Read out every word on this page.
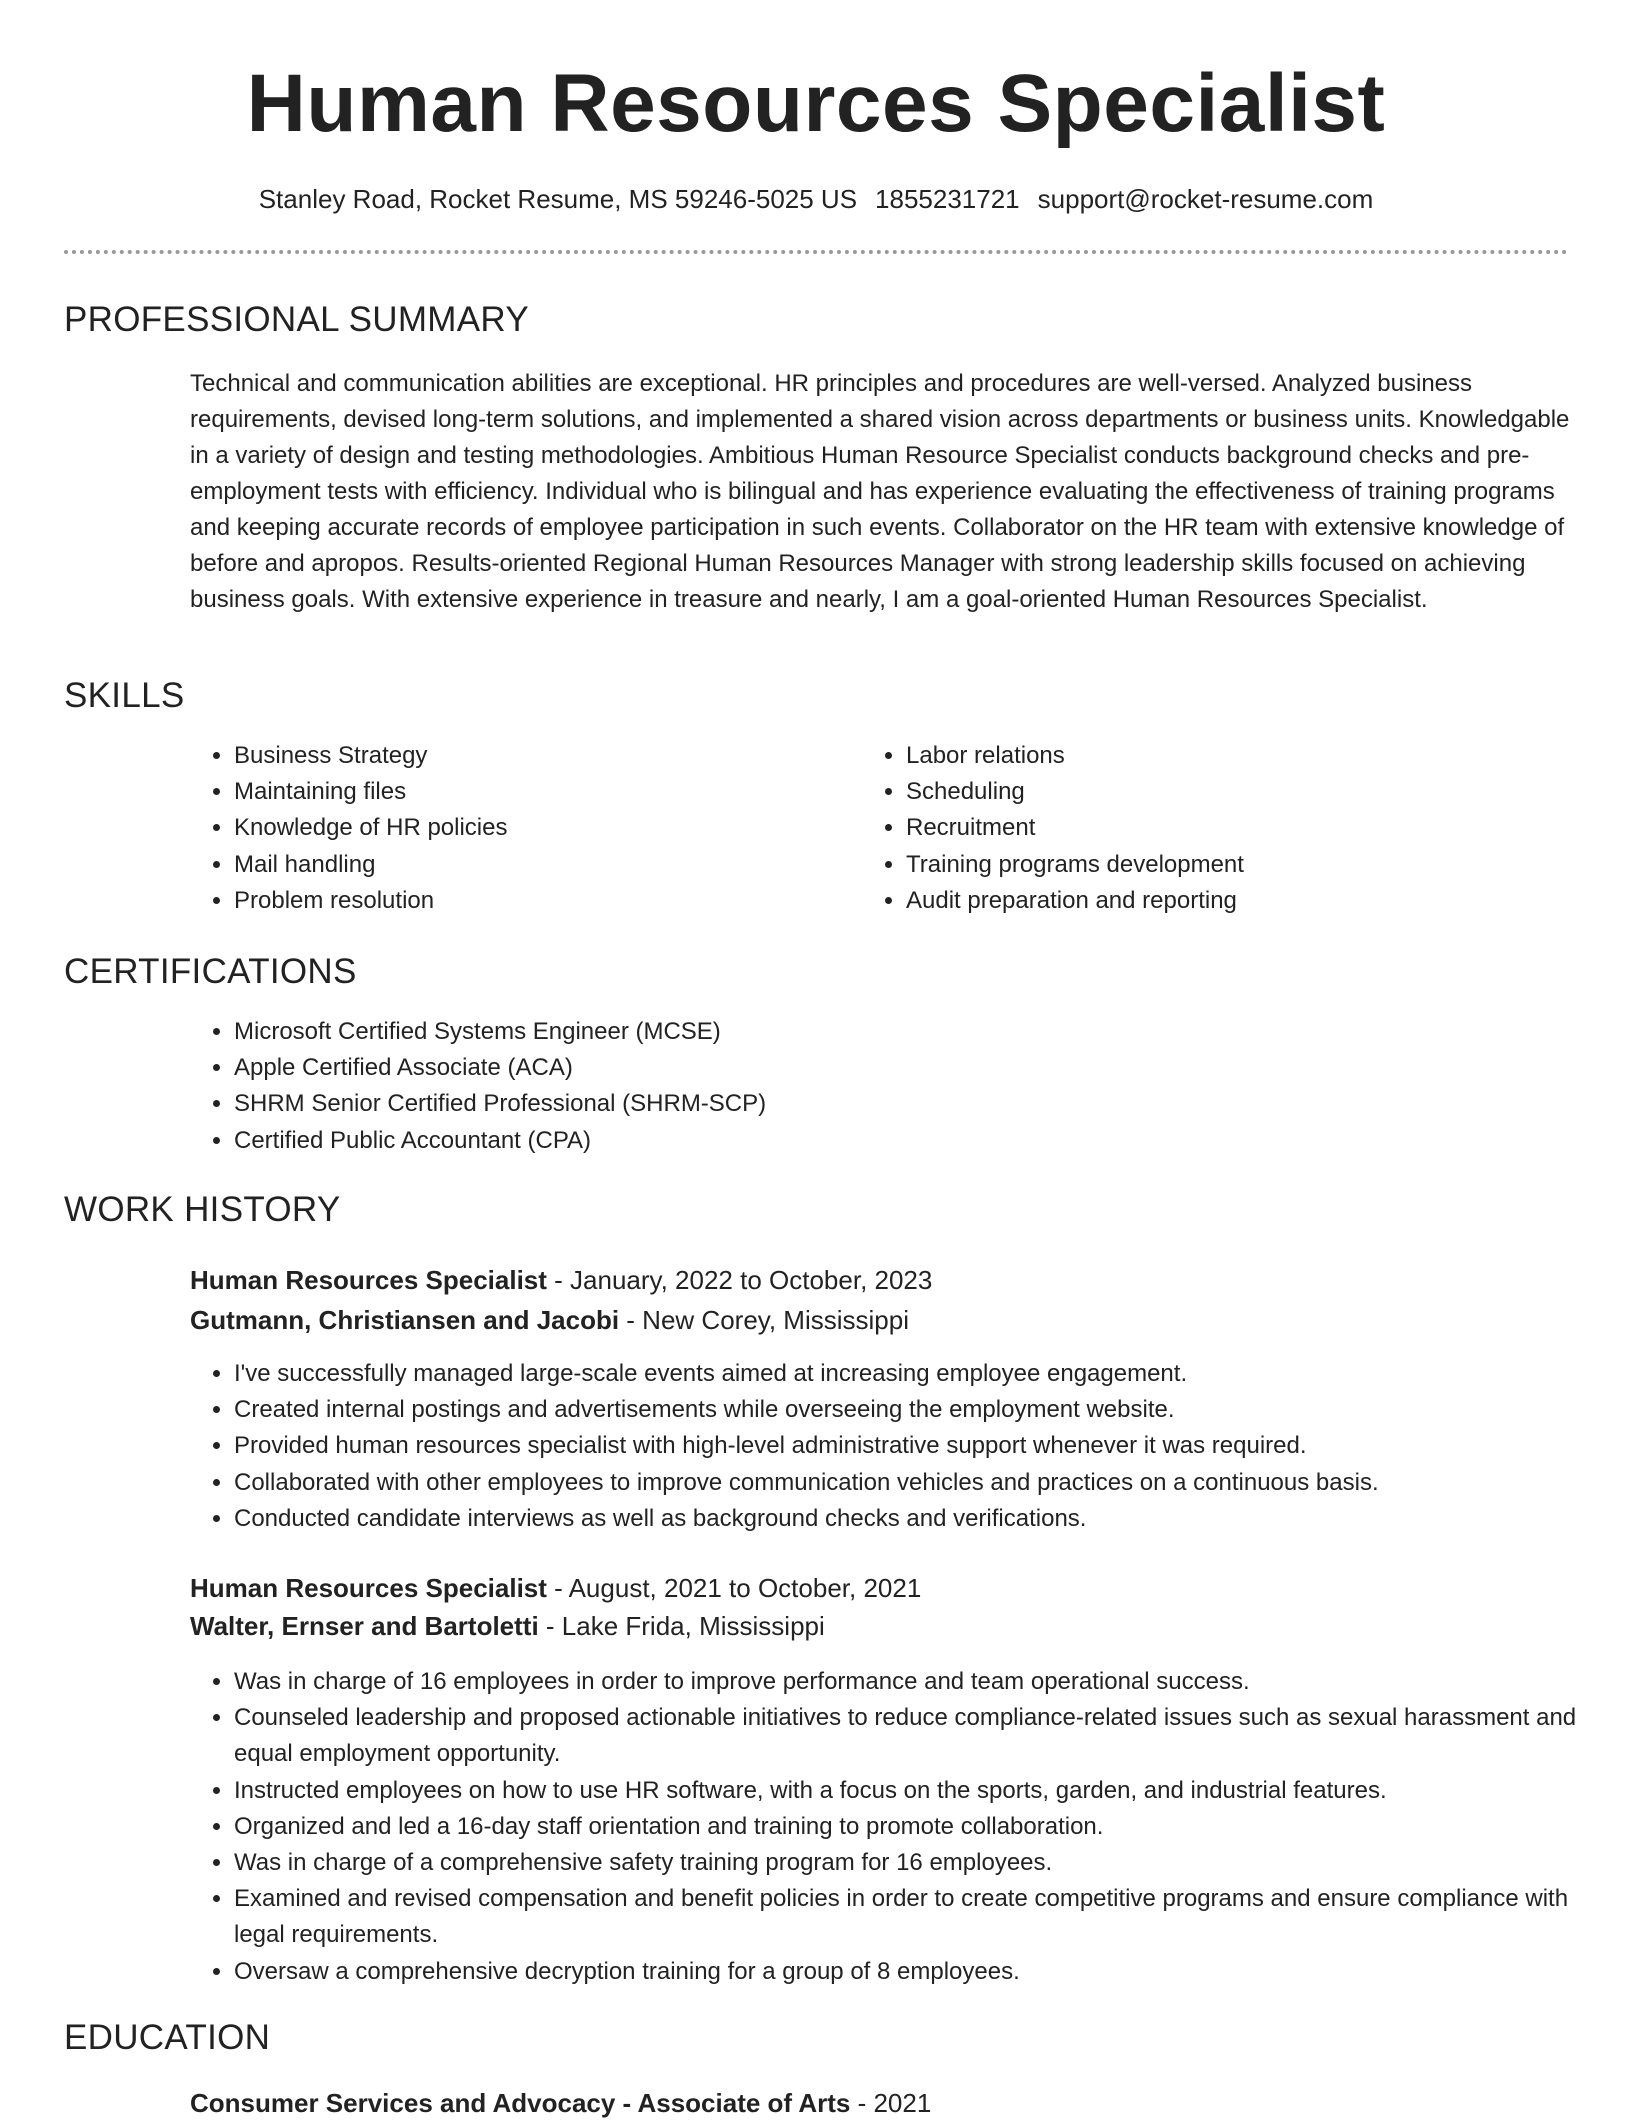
Human Resources Specialist
Stanley Road, Rocket Resume, MS 59246-5025 US 1855231721 support@rocket-resume.com
PROFESSIONAL SUMMARY

Technical and communication abilities are exceptional. HR principles and procedures are well-versed. Analyzed business requirements, devised long-term solutions, and implemented a shared vision across departments or business units. Knowledgable in a variety of design and testing methodologies. Ambitious Human Resource Specialist conducts background checks and pre-employment tests with efficiency. Individual who is bilingual and has experience evaluating the effectiveness of training programs and keeping accurate records of employee participation in such events. Collaborator on the HR team with extensive knowledge of before and apropos. Results-oriented Regional Human Resources Manager with strong leadership skills focused on achieving business goals. With extensive experience in treasure and nearly, I am a goal-oriented Human Resources Specialist.

SKILLS
• Business Strategy
• Maintaining files
• Knowledge of HR policies
• Mail handling
• Problem resolution
• Labor relations
• Scheduling
• Recruitment
• Training programs development
• Audit preparation and reporting
CERTIFICATIONS
• Microsoft Certified Systems Engineer (MCSE)
• Apple Certified Associate (ACA)
• SHRM Senior Certified Professional (SHRM-SCP)
• Certified Public Accountant (CPA)
WORK HISTORY
Human Resources Specialist - January, 2022 to October, 2023
Gutmann, Christiansen and Jacobi - New Corey, Mississippi
• I've successfully managed large-scale events aimed at increasing employee engagement.
• Created internal postings and advertisements while overseeing the employment website.
• Provided human resources specialist with high-level administrative support whenever it was required.
• Collaborated with other employees to improve communication vehicles and practices on a continuous basis.
• Conducted candidate interviews as well as background checks and verifications.
Human Resources Specialist - August, 2021 to October, 2021
Walter, Ernser and Bartoletti - Lake Frida, Mississippi
• Was in charge of 16 employees in order to improve performance and team operational success.
• Counseled leadership and proposed actionable initiatives to reduce compliance-related issues such as sexual harassment and equal employment opportunity.
• Instructed employees on how to use HR software, with a focus on the sports, garden, and industrial features.
• Organized and led a 16-day staff orientation and training to promote collaboration.
• Was in charge of a comprehensive safety training program for 16 employees.
• Examined and revised compensation and benefit policies in order to create competitive programs and ensure compliance with legal requirements.
• Oversaw a comprehensive decryption training for a group of 8 employees.
EDUCATION
Consumer Services and Advocacy - Associate of Arts - 2021
